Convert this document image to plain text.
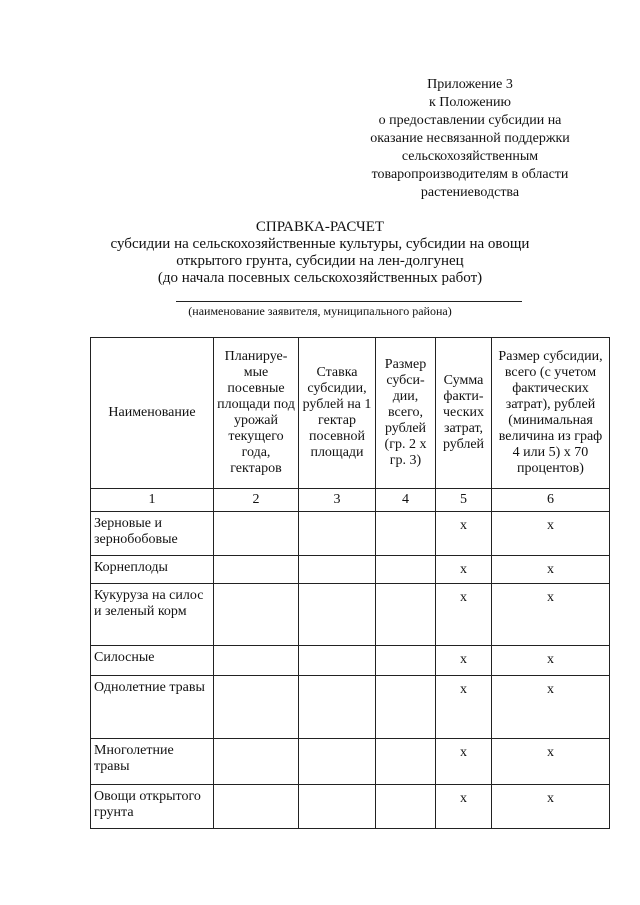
Приложение 3
к Положению
о предоставлении субсидии на
оказание несвязанной поддержки
сельскохозяйственным
товаропроизводителям в области
растениеводства
СПРАВКА-РАСЧЕТ
субсидии на сельскохозяйственные культуры, субсидии на овощи
открытого грунта, субсидии на лен-долгунец
(до начала посевных сельскохозяйственных работ)
(наименование заявителя, муниципального района)
Наименование	Планируе-мые посевные площади под урожай текущего года, гектаров	Ставка субсидии, рублей на 1 гектар посевной площади	Размер субси-дии, всего, рублей (гр. 2 х гр. 3)	Сумма факти-ческих затрат, рублей	Размер субсидии, всего (с учетом фактических затрат), рублей (минимальная величина из граф 4 или 5) х 70 процентов)
1	2	3	4	5	6
Зерновые и зернобобовые				х	х
Корнеплоды				х	х
Кукуруза на силос и зеленый корм				х	х
Силосные				х	х
Однолетние травы				х	х
Многолетние травы				х	х
Овощи открытого грунта				х	х
